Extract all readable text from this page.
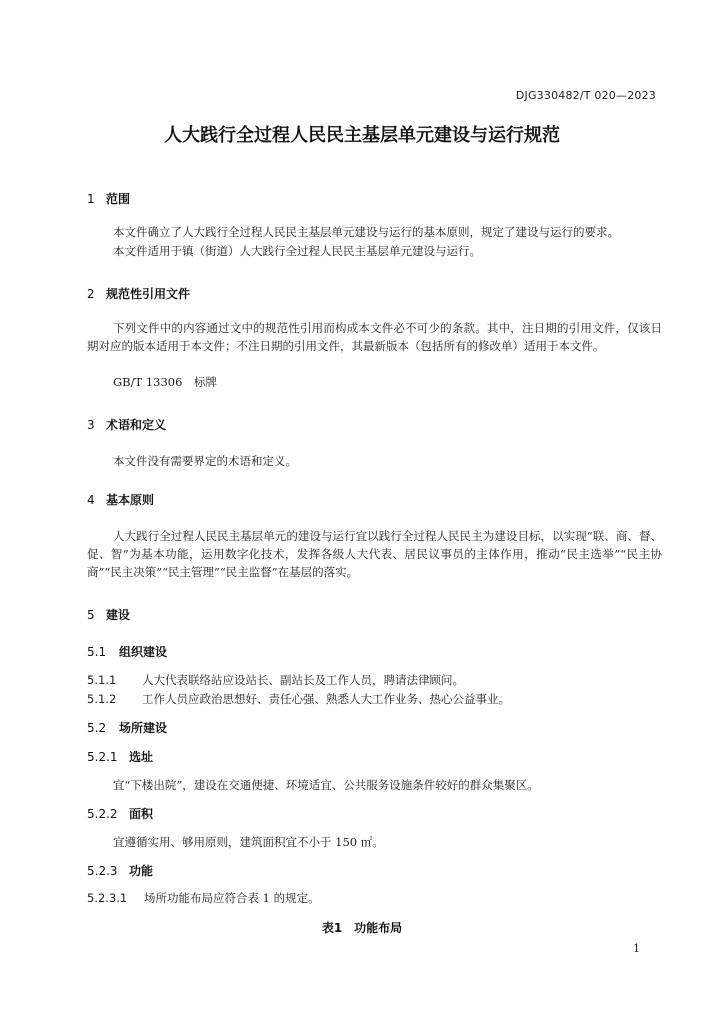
DJG330482/T 020—2023
人大践行全过程人民民主基层单元建设与运行规范
1 范围
本文件确立了人大践行全过程人民民主基层单元建设与运行的基本原则，规定了建设与运行的要求。
本文件适用于镇（街道）人大践行全过程人民民主基层单元建设与运行。
2 规范性引用文件
下列文件中的内容通过文中的规范性引用而构成本文件必不可少的条款。其中，注日期的引用文件，仅该日期对应的版本适用于本文件；不注日期的引用文件，其最新版本（包括所有的修改单）适用于本文件。
GB/T 13306　标牌
3 术语和定义
本文件没有需要界定的术语和定义。
4 基本原则
人大践行全过程人民民主基层单元的建设与运行宜以践行全过程人民民主为建设目标，以实现“联、商、督、促、智”为基本功能，运用数字化技术，发挥各级人大代表、居民议事员的主体作用，推动“民主选举”“民主协商”“民主决策”“民主管理”“民主监督”在基层的落实。
5 建设
5.1 组织建设
5.1.1 人大代表联络站应设站长、副站长及工作人员，聘请法律顾问。
5.1.2 工作人员应政治思想好、责任心强、熟悉人大工作业务、热心公益事业。
5.2 场所建设
5.2.1 选址
宜“下楼出院”，建设在交通便捷、环境适宜、公共服务设施条件较好的群众集聚区。
5.2.2 面积
宜遵循实用、够用原则，建筑面积宜不小于 150 ㎡。
5.2.3 功能
5.2.3.1 场所功能布局应符合表 1 的规定。
表1　功能布局
1
